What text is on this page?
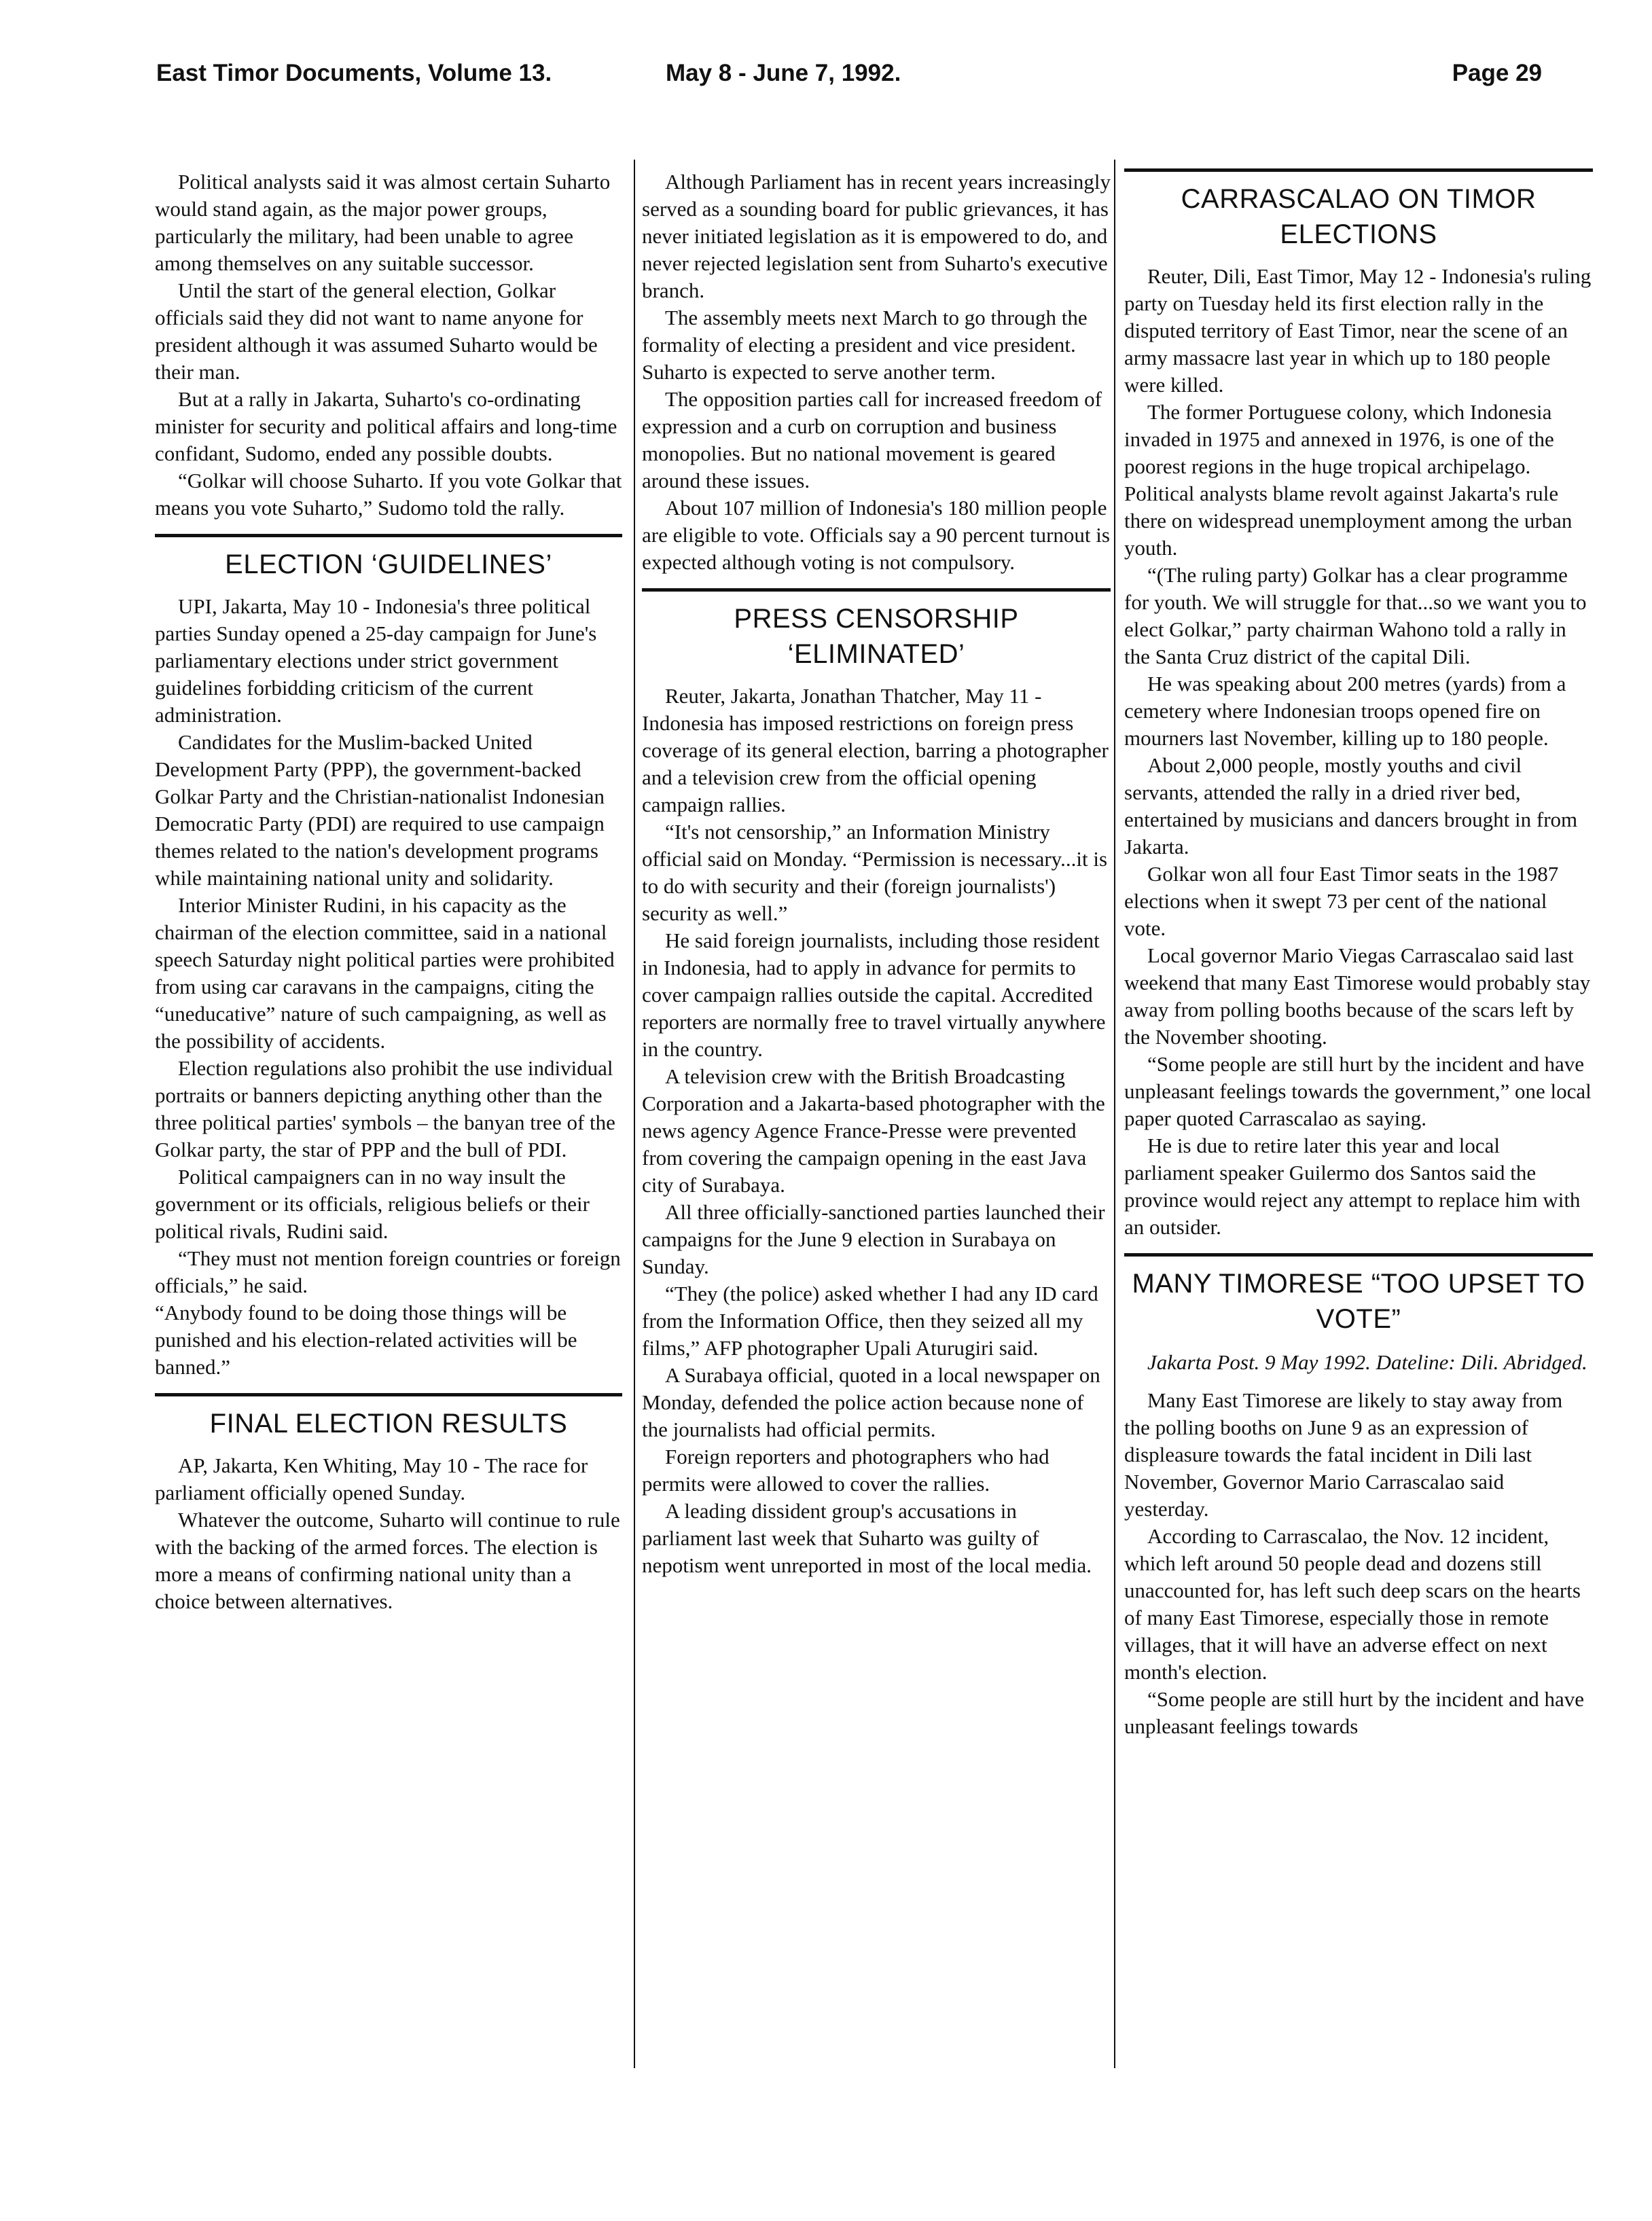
East Timor Documents, Volume 13.	May 8 - June 7, 1992.	Page 29

Political analysts said it was almost certain Suharto would stand again, as the major power groups, particularly the military, had been unable to agree among themselves on any suitable successor.

Until the start of the general election, Golkar officials said they did not want to name anyone for president although it was assumed Suharto would be their man.

But at a rally in Jakarta, Suharto's co-ordinating minister for security and political affairs and long-time confidant, Sudomo, ended any possible doubts.

“Golkar will choose Suharto. If you vote Golkar that means you vote Suharto,” Sudomo told the rally.

ELECTION ‘GUIDELINES’

UPI, Jakarta, May 10 - Indonesia's three political parties Sunday opened a 25-day campaign for June's parliamentary elections under strict government guidelines forbidding criticism of the current administration.

Candidates for the Muslim-backed United Development Party (PPP), the government-backed Golkar Party and the Christian-nationalist Indonesian Democratic Party (PDI) are required to use campaign themes related to the nation's development programs while maintaining national unity and solidarity.

Interior Minister Rudini, in his capacity as the chairman of the election committee, said in a national speech Saturday night political parties were prohibited from using car caravans in the campaigns, citing the “uneducative” nature of such campaigning, as well as the possibility of accidents.

Election regulations also prohibit the use individual portraits or banners depicting anything other than the three political parties' symbols – the banyan tree of the Golkar party, the star of PPP and the bull of PDI.

Political campaigners can in no way insult the government or its officials, religious beliefs or their political rivals, Rudini said.

“They must not mention foreign countries or foreign officials,” he said.

“Anybody found to be doing those things will be punished and his election-related activities will be banned.”

FINAL ELECTION RESULTS

AP, Jakarta, Ken Whiting, May 10 - The race for parliament officially opened Sunday.

Whatever the outcome, Suharto will continue to rule with the backing of the armed forces. The election is more a means of confirming national unity than a choice between alternatives.

Although Parliament has in recent years increasingly served as a sounding board for public grievances, it has never initiated legislation as it is empowered to do, and never rejected legislation sent from Suharto's executive branch.

The assembly meets next March to go through the formality of electing a president and vice president. Suharto is expected to serve another term.

The opposition parties call for increased freedom of expression and a curb on corruption and business monopolies. But no national movement is geared around these issues.

About 107 million of Indonesia's 180 million people are eligible to vote. Officials say a 90 percent turnout is expected although voting is not compulsory.

PRESS CENSORSHIP ‘ELIMINATED’

Reuter, Jakarta, Jonathan Thatcher, May 11 - Indonesia has imposed restrictions on foreign press coverage of its general election, barring a photographer and a television crew from the official opening campaign rallies.

“It's not censorship,” an Information Ministry official said on Monday. “Permission is necessary...it is to do with security and their (foreign journalists') security as well.”

He said foreign journalists, including those resident in Indonesia, had to apply in advance for permits to cover campaign rallies outside the capital. Accredited reporters are normally free to travel virtually anywhere in the country.

A television crew with the British Broadcasting Corporation and a Jakarta-based photographer with the news agency Agence France-Presse were prevented from covering the campaign opening in the east Java city of Surabaya.

All three officially-sanctioned parties launched their campaigns for the June 9 election in Surabaya on Sunday.

“They (the police) asked whether I had any ID card from the Information Office, then they seized all my films,” AFP photographer Upali Aturugiri said.

A Surabaya official, quoted in a local newspaper on Monday, defended the police action because none of the journalists had official permits.

Foreign reporters and photographers who had permits were allowed to cover the rallies.

A leading dissident group's accusations in parliament last week that Suharto was guilty of nepotism went unreported in most of the local media.

CARRASCALAO ON TIMOR ELECTIONS

Reuter, Dili, East Timor, May 12 - Indonesia's ruling party on Tuesday held its first election rally in the disputed territory of East Timor, near the scene of an army massacre last year in which up to 180 people were killed.

The former Portuguese colony, which Indonesia invaded in 1975 and annexed in 1976, is one of the poorest regions in the huge tropical archipelago. Political analysts blame revolt against Jakarta's rule there on widespread unemployment among the urban youth.

“(The ruling party) Golkar has a clear programme for youth. We will struggle for that...so we want you to elect Golkar,” party chairman Wahono told a rally in the Santa Cruz district of the capital Dili.

He was speaking about 200 metres (yards) from a cemetery where Indonesian troops opened fire on mourners last November, killing up to 180 people.

About 2,000 people, mostly youths and civil servants, attended the rally in a dried river bed, entertained by musicians and dancers brought in from Jakarta.

Golkar won all four East Timor seats in the 1987 elections when it swept 73 per cent of the national vote.

Local governor Mario Viegas Carrascalao said last weekend that many East Timorese would probably stay away from polling booths because of the scars left by the November shooting.

“Some people are still hurt by the incident and have unpleasant feelings towards the government,” one local paper quoted Carrascalao as saying.

He is due to retire later this year and local parliament speaker Guilermo dos Santos said the province would reject any attempt to replace him with an outsider.

MANY TIMORESE “TOO UPSET TO VOTE”

Jakarta Post. 9 May 1992. Dateline: Dili. Abridged.

Many East Timorese are likely to stay away from the polling booths on June 9 as an expression of displeasure towards the fatal incident in Dili last November, Governor Mario Carrascalao said yesterday.

According to Carrascalao, the Nov. 12 incident, which left around 50 people dead and dozens still unaccounted for, has left such deep scars on the hearts of many East Timorese, especially those in remote villages, that it will have an adverse effect on next month's election.

“Some people are still hurt by the incident and have unpleasant feelings towards
